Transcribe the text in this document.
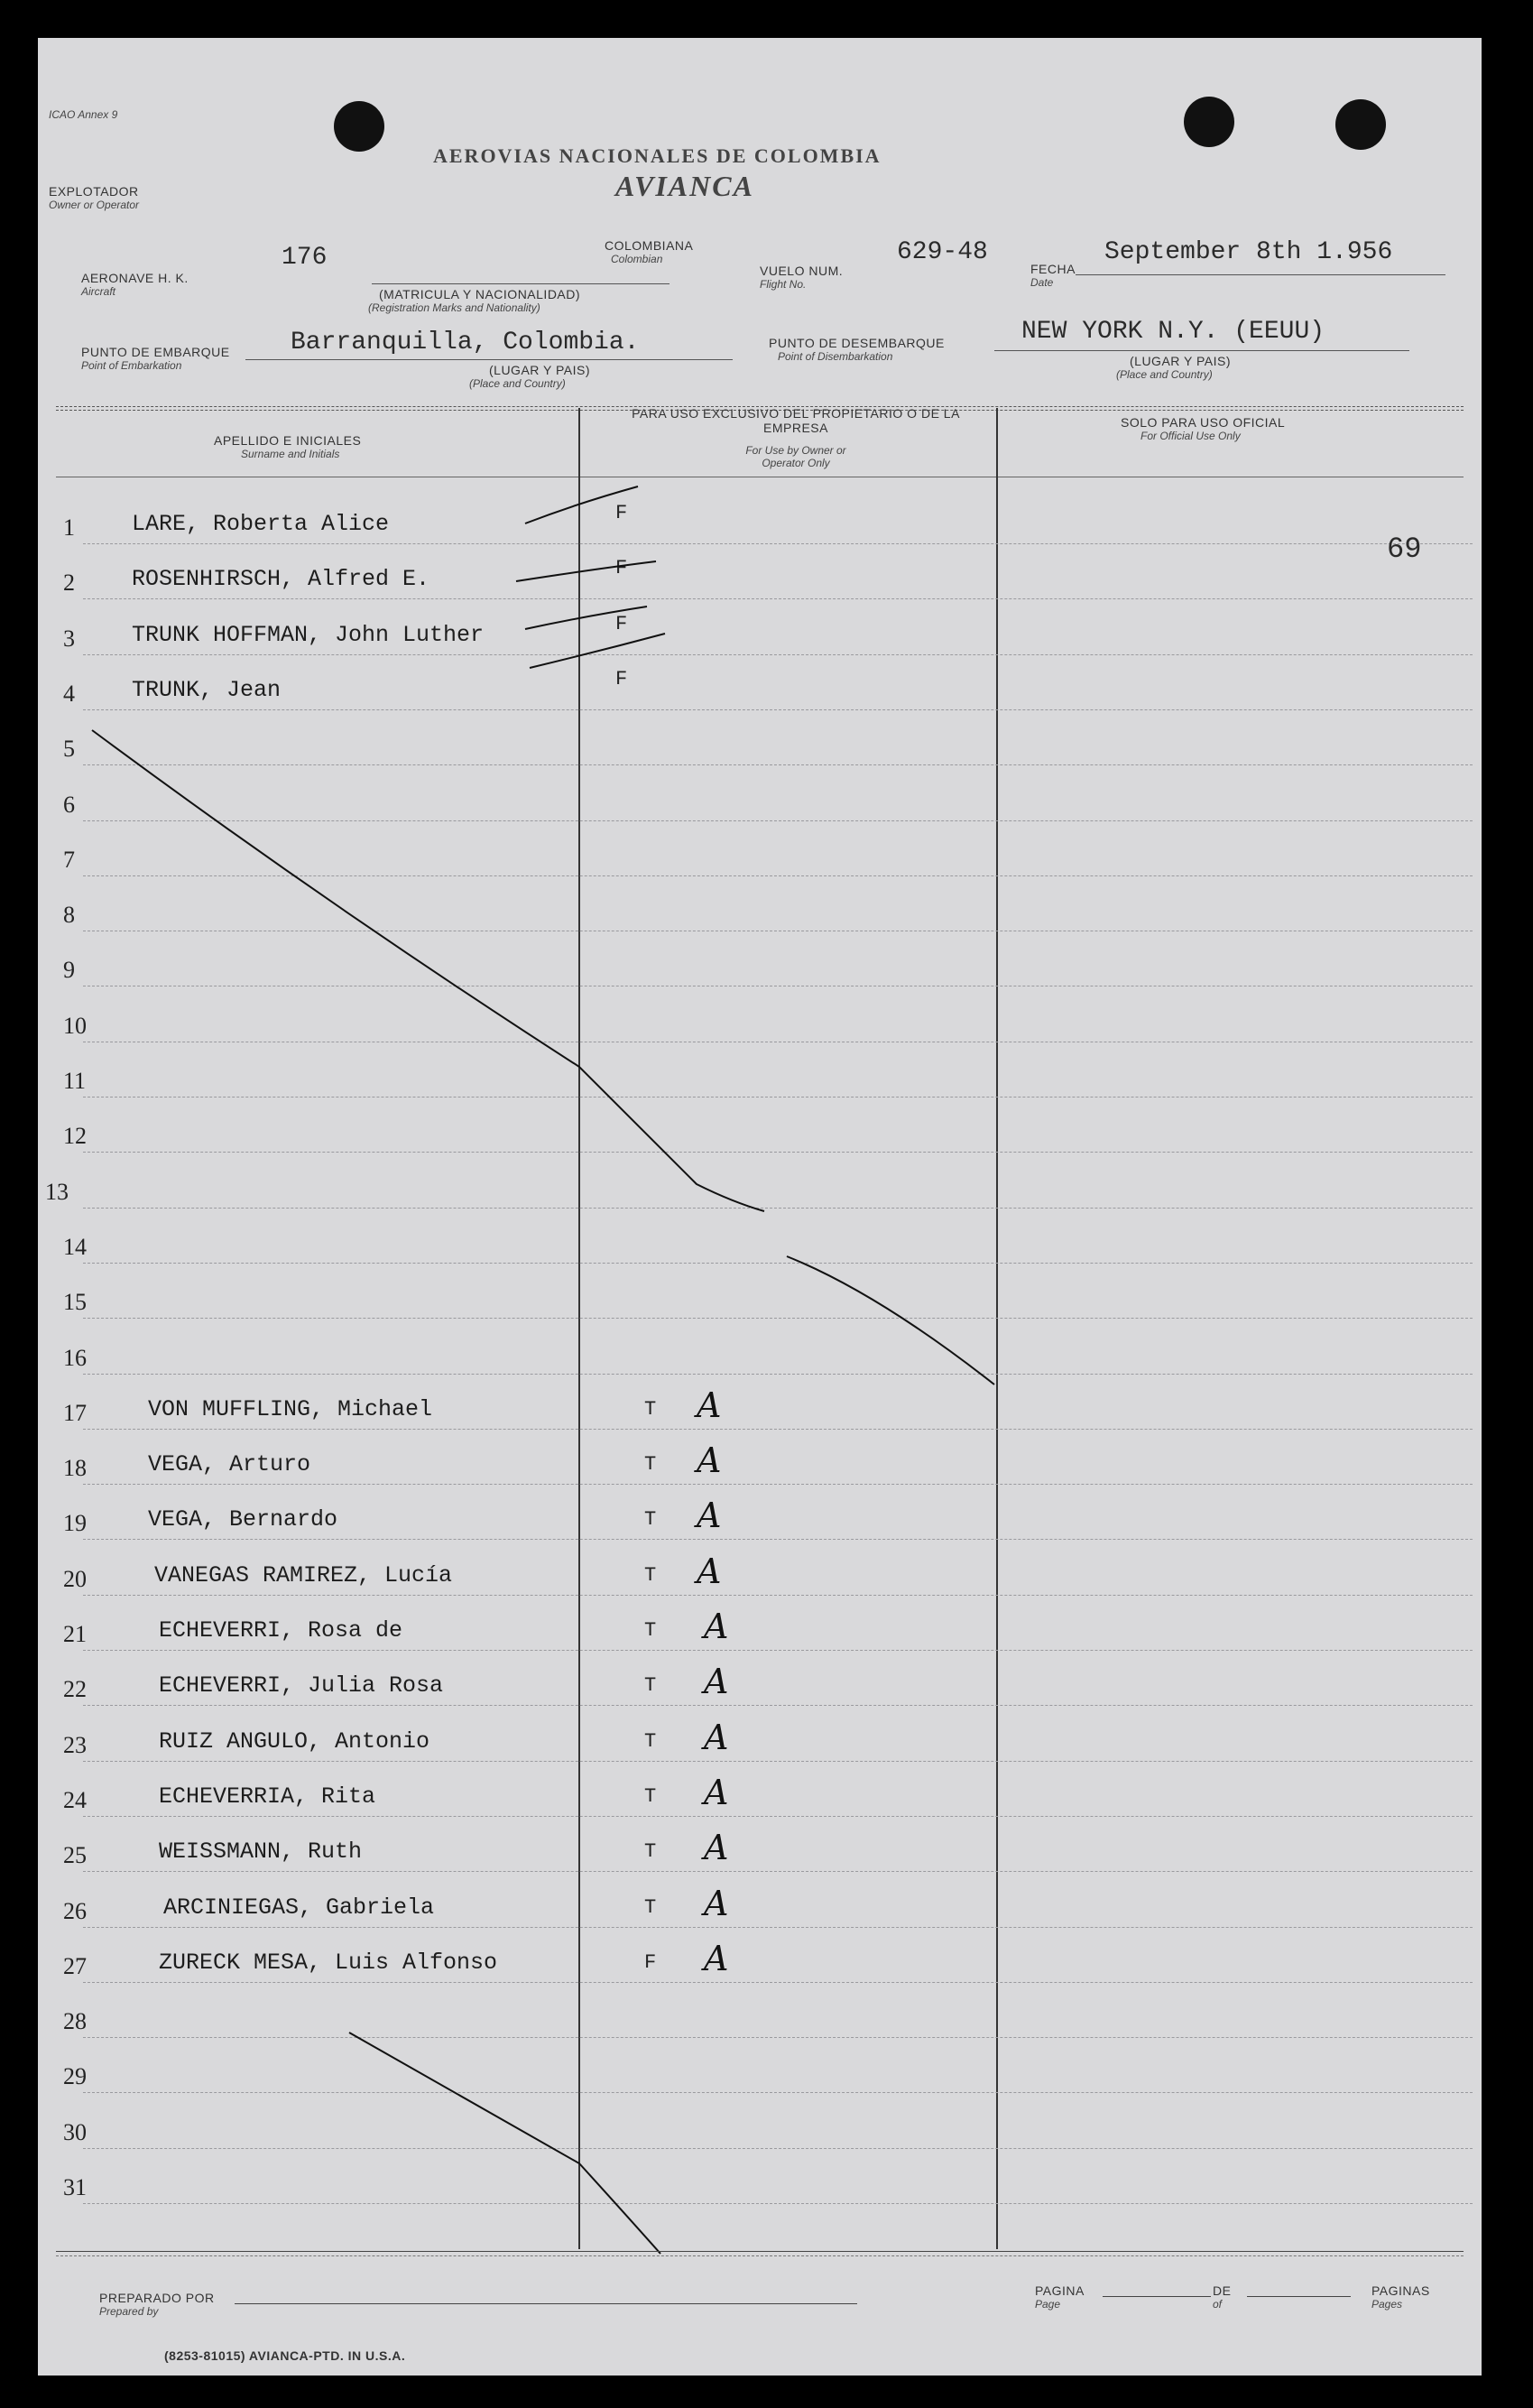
ICAO Annex 9
AEROVIAS NACIONALES DE COLOMBIA
AVIANCA
EXPLOTADOR
Owner or Operator
AERONAVE H. K.
Aircraft
176	COLOMBIANA
Colombian
(MATRICULA Y NACIONALIDAD)
(Registration Marks and Nationality)
VUELO NUM.
Flight No.
629-48
FECHA
Date
September 8th 1.956
PUNTO DE EMBARQUE
Point of Embarkation
Barranquilla, Colombia.
(LUGAR Y PAIS)
(Place and Country)
PUNTO DE DESEMBARQUE
Point of Disembarkation
NEW YORK N.Y. (EEUU)
(LUGAR Y PAIS)
(Place and Country)
APELLIDO E INICIALES
Surname and Initials
PARA USO EXCLUSIVO DEL PROPIETARIO O DE LA EMPRESA
For Use by Owner or Operator Only
SOLO PARA USO OFICIAL
For Official Use Only
1	LARE, Roberta Alice	F
2	ROSENHIRSCH, Alfred E.	F
3	TRUNK HOFFMAN, John Luther	F
4	TRUNK, Jean	F
5
6
7
8
9
10
11
12
13
14
15
16
17	VON MUFFLING, Michael	T A
18	VEGA, Arturo	T A
19	VEGA, Bernardo	T A
20	VANEGAS RAMIREZ, Lucía	T A
21	ECHEVERRI, Rosa de	T A
22	ECHEVERRI, Julia Rosa	T A
23	RUIZ ANGULO, Antonio	T A
24	ECHEVERRIA, Rita	T A
25	WEISSMANN, Ruth	T A
26	ARCINIEGAS, Gabriela	T A
27	ZURECK MESA, Luis Alfonso	F A
28
29
30
31
69
PREPARADO POR
Prepared by
(8253-81015) AVIANCA-PTD. IN U.S.A.
PAGINA
Page
DE
of
PAGINAS
Pages
